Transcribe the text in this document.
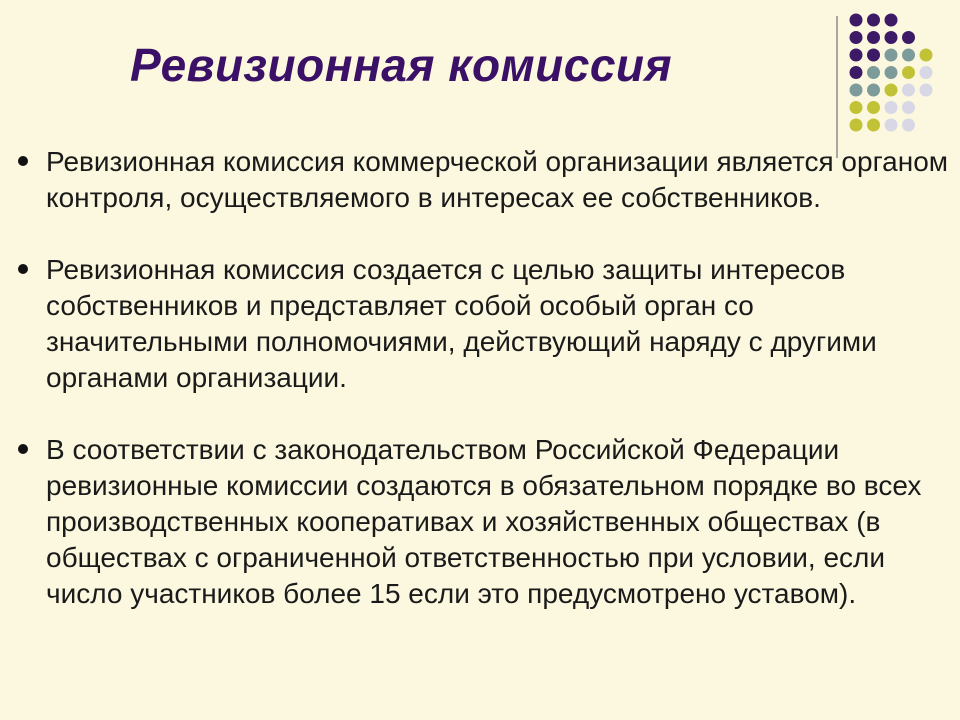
Ревизионная комиссия
Ревизионная комиссия коммерческой организации является органом контроля, осуществляемого в интересах ее собственников.
Ревизионная комиссия создается с целью защиты интересов собственников и представляет собой особый орган со значительными полномочиями, действующий наряду с другими органами организации.
В соответствии с законодательством Российской Федерации ревизионные комиссии создаются в обязательном порядке во всех производственных кооперативах и хозяйственных обществах (в обществах с ограниченной ответственностью при условии, если число участников более 15 если это предусмотрено уставом).
